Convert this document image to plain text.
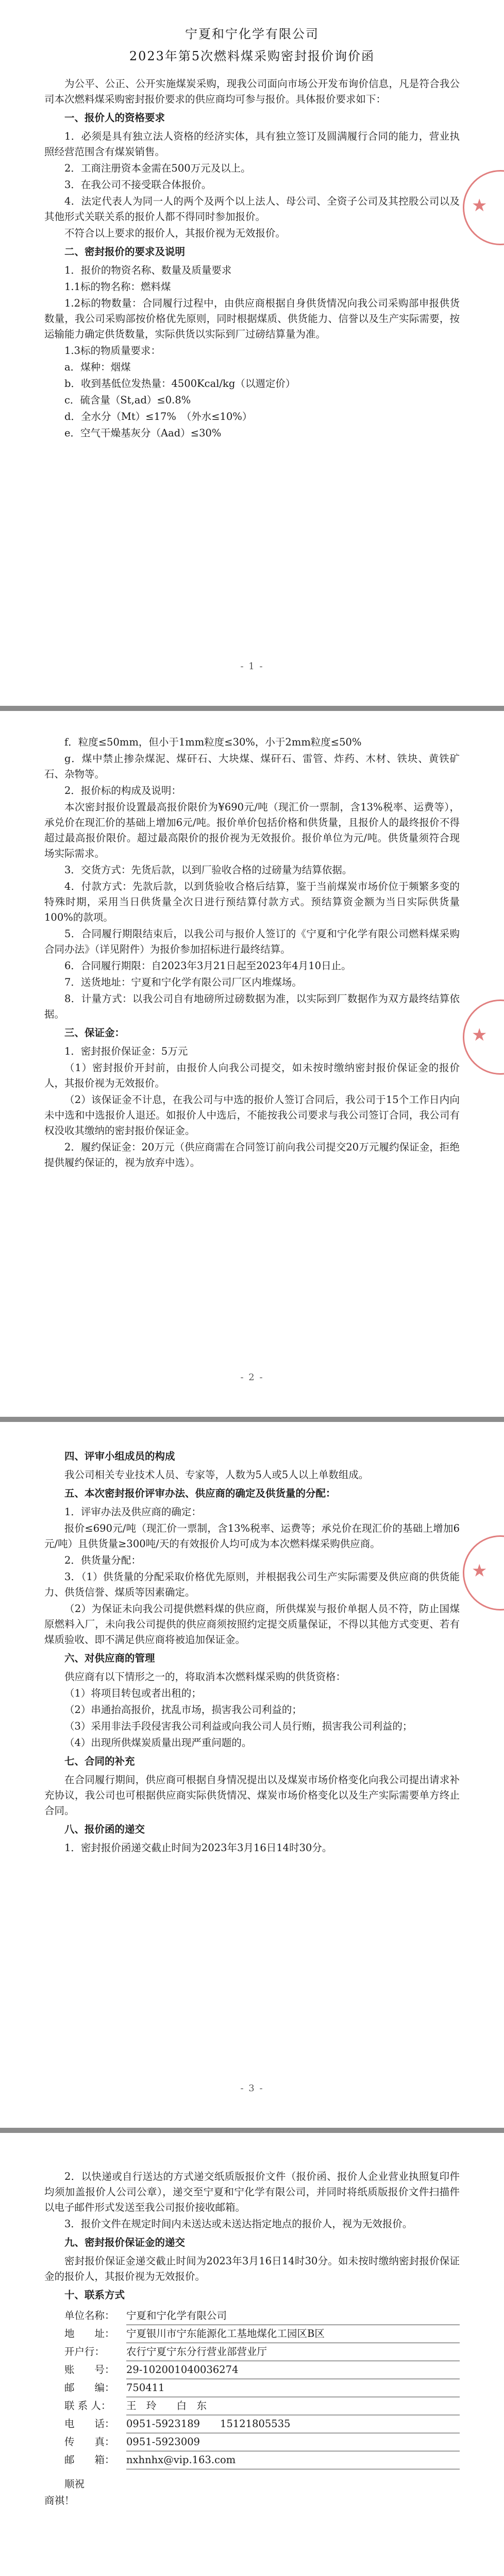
宁夏和宁化学有限公司
2023年第5次燃料煤采购密封报价询价函

为公平、公正、公开实施煤炭采购，现我公司面向市场公开发布询价信息，凡是符合我公司本次燃料煤采购密封报价要求的供应商均可参与报价。具体报价要求如下：

一、报价人的资格要求

1．必须是具有独立法人资格的经济实体，具有独立签订及圆满履行合同的能力，营业执照经营范围含有煤炭销售。

2．工商注册资本金需在500万元及以上。

3．在我公司不接受联合体报价。

4．法定代表人为同一人的两个及两个以上法人、母公司、全资子公司及其控股公司以及其他形式关联关系的报价人都不得同时参加报价。

不符合以上要求的报价人，其报价视为无效报价。

二、密封报价的要求及说明

1．报价的物资名称、数量及质量要求

1.1标的物名称：燃料煤

1.2标的物数量：合同履行过程中，由供应商根据自身供货情况向我公司采购部申报供货数量，我公司采购部按价格优先原则，同时根据煤质、供货能力、信誉以及生产实际需要，按运输能力确定供货数量，实际供货以实际到厂过磅结算量为准。

1.3标的物质量要求：

a．煤种：烟煤

b．收到基低位发热量：4500Kcal/kg（以週定价）

c．硫含量（St,ad）≤0.8%

d．全水分（Mt）≤17%　（外水≤10%）

e．空气干燥基灰分（Aad）≤30%

★
- 1 -

f．粒度≤50mm，但小于1mm粒度≤30%，小于2mm粒度≤50%

g．煤中禁止掺杂煤泥、煤矸石、大块煤、煤矸石、雷管、炸药、木材、铁块、黄铁矿石、杂物等。

2．报价标的构成及说明：

本次密封报价设置最高报价限价为¥690元/吨（现汇价一票制，含13%税率、运费等），承兑价在现汇价的基础上增加6元/吨。报价单价包括价格和供货量，且报价人的最终报价不得超过最高报价限价。超过最高限价的报价视为无效报价。报价单位为元/吨。供货量须符合现场实际需求。

3．交货方式：先货后款，以到厂验收合格的过磅量为结算依据。

4．付款方式：先款后款，以到货验收合格后结算，鉴于当前煤炭市场价位于频繁多变的特殊时期，采用当日供货量全次日进行预结算付款方式。预结算资金额为当日实际供货量100%的款项。

5．合同履行期限结束后，以我公司与报价人签订的《宁夏和宁化学有限公司燃料煤采购合同办法》（详见附件）为报价参加招标进行最终结算。

6．合同履行期限：自2023年3月21日起至2023年4月10日止。

7．送货地址：宁夏和宁化学有限公司厂区内堆煤场。

8．计量方式：以我公司自有地磅所过磅数据为准，以实际到厂数据作为双方最终结算依据。

三、保证金：

1．密封报价保证金：5万元

（1）密封报价开封前，由报价人向我公司提交，如未按时缴纳密封报价保证金的报价人，其报价视为无效报价。

（2）该保证金不计息，在我公司与中选的报价人签订合同后，我公司于15个工作日内向未中选和中选报价人退还。如报价人中选后，不能按我公司要求与我公司签订合同，我公司有权没收其缴纳的密封报价保证金。

2．履约保证金：20万元（供应商需在合同签订前向我公司提交20万元履约保证金，拒绝提供履约保证的，视为放弃中选）。

★
- 2 -
四、评审小组成员的构成

我公司相关专业技术人员、专家等，人数为5人或5人以上单数组成。

五、本次密封报价评审办法、供应商的确定及供货量的分配：

1．评审办法及供应商的确定：

报价≤690元/吨（现汇价一票制，含13%税率、运费等；承兑价在现汇价的基础上增加6元/吨）且供货量≥300吨/天的有效报价人均可成为本次燃料煤采购供应商。

2．供货量分配：

3．（1）供货量的分配采取价格优先原则，并根据我公司生产实际需要及供应商的供货能力、供货信誉、煤质等因素确定。

（2）为保证未向我公司提供燃料煤的供应商，所供煤炭与报价单据人员不符，防止国煤原燃料入厂，未向我公司提供的供应商须按照约定提交质量保证，不得以其他方式变更、若有煤质验收、即不满足供应商将被追加保证金。

六、对供应商的管理

供应商有以下情形之一的，将取消本次燃料煤采购的供货资格：

（1）将项目转包或者出租的；

（2）串通抬高报价，扰乱市场，损害我公司利益的；

（3）采用非法手段侵害我公司利益或向我公司人员行贿，损害我公司利益的；

（4）出现所供煤炭质量出现严重问题的。

七、合同的补充

在合同履行期间，供应商可根据自身情况提出以及煤炭市场价格变化向我公司提出请求补充协议，我公司也可根据供应商实际供货情况、煤炭市场价格变化以及生产实际需要单方终止合同。

八、报价函的递交

1．密封报价函递交截止时间为2023年3月16日14时30分。

★
- 3 -

2．以快递或自行送达的方式递交纸质版报价文件（报价函、报价人企业营业执照复印件均须加盖报价人公司公章），递交至宁夏和宁化学有限公司，并同时将纸质版报价文件扫描件以电子邮件形式发送至我公司报价接收邮箱。

3．报价文件在规定时间内未送达或未送达指定地点的报价人，视为无效报价。

九、密封报价保证金的递交

密封报价保证金递交截止时间为2023年3月16日14时30分。如未按时缴纳密封报价保证金的报价人，其报价视为无效报价。

十、联系方式
单位名称：	宁夏和宁化学有限公司
地　　址：	宁夏银川市宁东能源化工基地煤化工园区B区
开户行：	农行宁夏宁东分行营业部营业厅
账　　号：	29-102001040036274
邮　　编：	750411
联 系 人：	王　玲　　白　东
电　　话：	0951-5923189　　15121805535
传　　真：	0951-5923009
邮　　箱：	nxhnhx@vip.163.com

顺祝

商祺！
